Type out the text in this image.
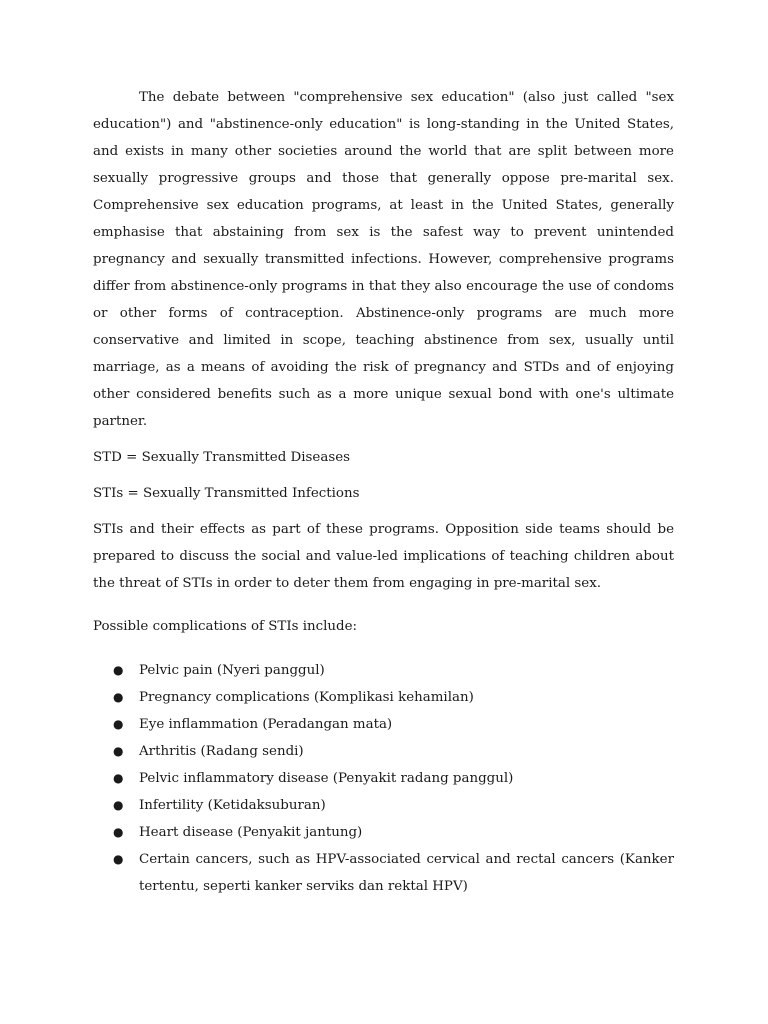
The debate between "comprehensive sex education" (also just called "sex education") and "abstinence-only education" is long-standing in the United States, and exists in many other societies around the world that are split between more sexually progressive groups and those that generally oppose pre-marital sex. Comprehensive sex education programs, at least in the United States, generally emphasise that abstaining from sex is the safest way to prevent unintended pregnancy and sexually transmitted infections. However, comprehensive programs differ from abstinence-only programs in that they also encourage the use of condoms or other forms of contraception. Abstinence-only programs are much more conservative and limited in scope, teaching abstinence from sex, usually until marriage, as a means of avoiding the risk of pregnancy and STDs and of enjoying other considered benefits such as a more unique sexual bond with one's ultimate partner.

STD = Sexually Transmitted Diseases

STIs = Sexually Transmitted Infections

STIs and their effects as part of these programs. Opposition side teams should be prepared to discuss the social and value-led implications of teaching children about the threat of STIs in order to deter them from engaging in pre-marital sex.

Possible complications of STIs include:

● Pelvic pain (Nyeri panggul)
● Pregnancy complications (Komplikasi kehamilan)
● Eye inflammation (Peradangan mata)
● Arthritis (Radang sendi)
● Pelvic inflammatory disease (Penyakit radang panggul)
● Infertility (Ketidaksuburan)
● Heart disease (Penyakit jantung)
● Certain cancers, such as HPV-associated cervical and rectal cancers (Kanker tertentu, seperti kanker serviks dan rektal HPV)
